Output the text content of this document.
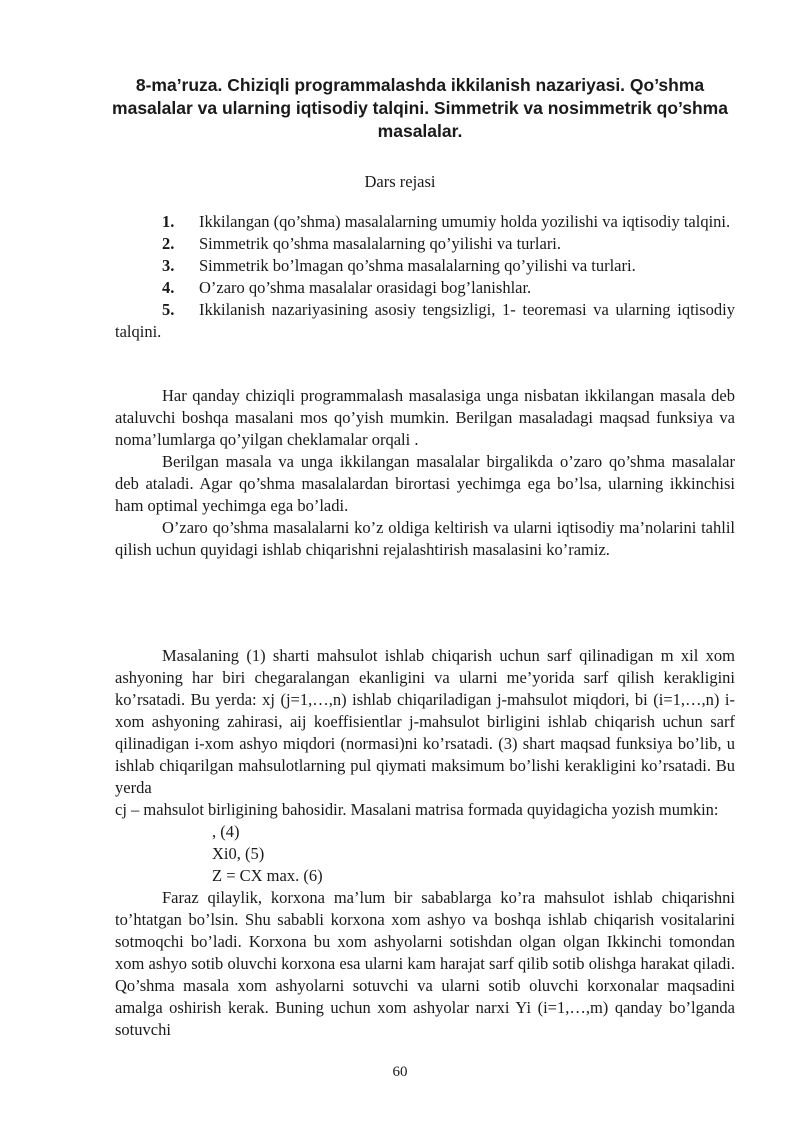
8-ma’ruza. Chiziqli programmalashda ikkilanish nazariyasi. Qo’shma masalalar va ularning iqtisodiy talqini. Simmetrik va nosimmetrik qo’shma masalalar.
Dars rejasi
1. Ikkilangan (qo’shma) masalalarning umumiy holda yozilishi va iqtisodiy talqini.
2. Simmetrik qo’shma masalalarning qo’yilishi va turlari.
3. Simmetrik bo’lmagan qo’shma masalalarning qo’yilishi va turlari.
4. O’zaro qo’shma masalalar orasidagi bog’lanishlar.
5. Ikkilanish nazariyasining asosiy tengsizligi, 1- teoremasi va ularning iqtisodiy talqini.

Har qanday chiziqli programmalash masalasiga unga nisbatan ikkilangan masala deb ataluvchi boshqa masalani mos qo’yish mumkin. Berilgan masaladagi maqsad funksiya va noma’lumlarga qo’yilgan cheklamalar orqali .

Berilgan masala va unga ikkilangan masalalar birgalikda o’zaro qo’shma masalalar deb ataladi. Agar qo’shma masalalardan birortasi yechimga ega bo’lsa, ularning ikkinchisi ham optimal yechimga ega bo’ladi.

O’zaro qo’shma masalalarni ko’z oldiga keltirish va ularni iqtisodiy ma’nolarini tahlil qilish uchun quyidagi ishlab chiqarishni rejalashtirish masalasini ko’ramiz.

Masalaning (1) sharti mahsulot ishlab chiqarish uchun sarf qilinadigan m xil xom ashyoning har biri chegaralangan ekanligini va ularni me’yorida sarf qilish kerakligini ko’rsatadi. Bu yerda: xj (j=1,…,n) ishlab chiqariladigan j-mahsulot miqdori, bi (i=1,…,n) i-xom ashyoning zahirasi, aij koeffisientlar j-mahsulot birligini ishlab chiqarish uchun sarf qilinadigan i-xom ashyo miqdori (normasi)ni ko’rsatadi. (3) shart maqsad funksiya bo’lib, u ishlab chiqarilgan mahsulotlarning pul qiymati maksimum bo’lishi kerakligini ko’rsatadi. Bu yerda

cj – mahsulot birligining bahosidir. Masalani matrisa formada quyidagicha yozish mumkin:

, (4)

Xi0, (5)

Z = CX max. (6)

Faraz qilaylik, korxona ma’lum bir sabablarga ko’ra mahsulot ishlab chiqarishni to’htatgan bo’lsin. Shu sababli korxona xom ashyo va boshqa ishlab chiqarish vositalarini sotmoqchi bo’ladi. Korxona bu xom ashyolarni sotishdan olgan olgan Ikkinchi tomondan xom ashyo sotib oluvchi korxona esa ularni kam harajat sarf qilib sotib olishga harakat qiladi. Qo’shma masala xom ashyolarni sotuvchi va ularni sotib oluvchi korxonalar maqsadini amalga oshirish kerak. Buning uchun xom ashyolar narxi Yi (i=1,…,m) qanday bo’lganda sotuvchi

60
